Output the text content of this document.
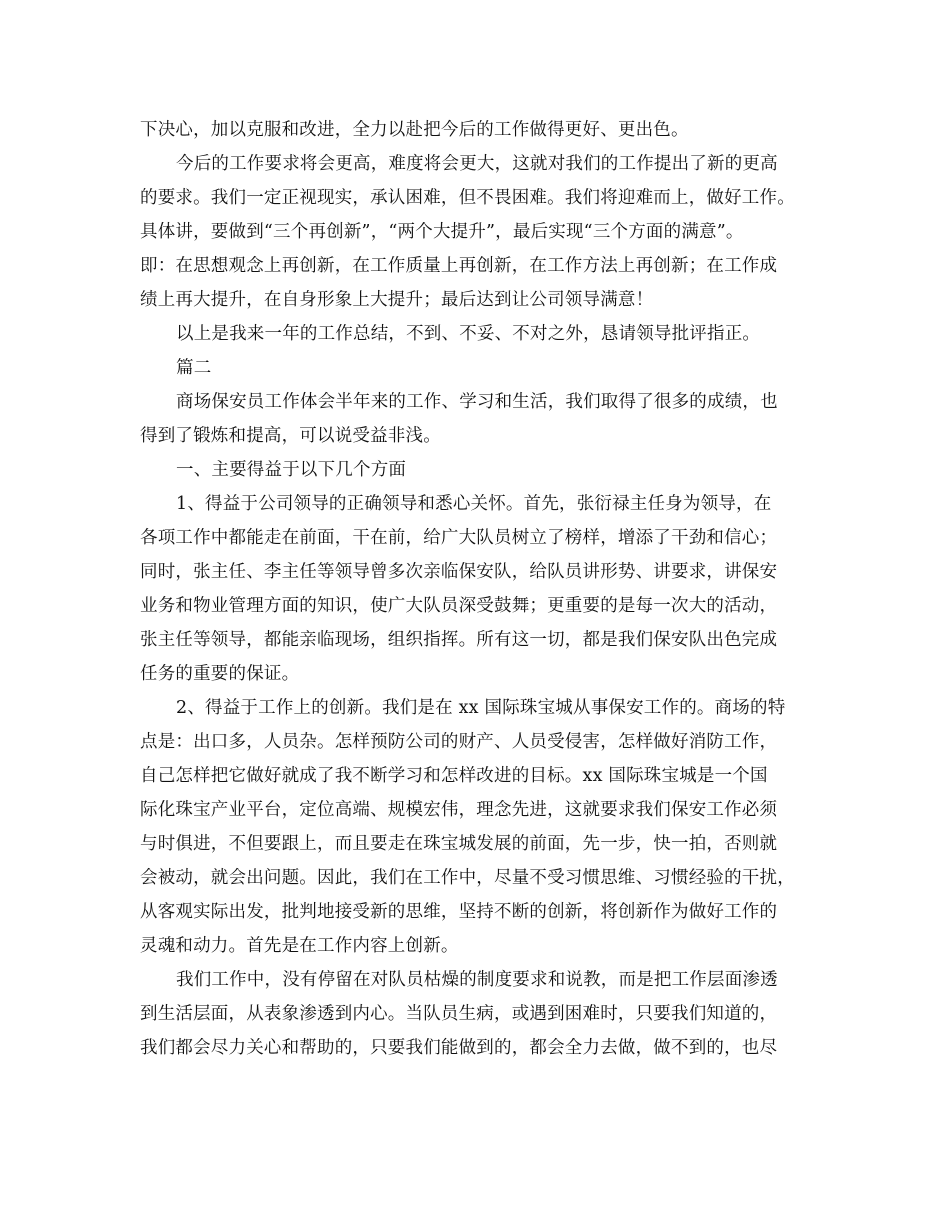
下决心，加以克服和改进，全力以赴把今后的工作做得更好、更出色。
今后的工作要求将会更高，难度将会更大，这就对我们的工作提出了新的更高
的要求。我们一定正视现实，承认困难，但不畏困难。我们将迎难而上，做好工作。
具体讲，要做到“三个再创新”，“两个大提升”，最后实现“三个方面的满意”。
即：在思想观念上再创新，在工作质量上再创新，在工作方法上再创新；在工作成
绩上再大提升，在自身形象上大提升；最后达到让公司领导满意！
以上是我来一年的工作总结，不到、不妥、不对之外，恳请领导批评指正。
篇二
商场保安员工作体会半年来的工作、学习和生活，我们取得了很多的成绩，也
得到了锻炼和提高，可以说受益非浅。
一、主要得益于以下几个方面
1、得益于公司领导的正确领导和悉心关怀。首先，张衍禄主任身为领导，在
各项工作中都能走在前面，干在前，给广大队员树立了榜样，增添了干劲和信心；
同时，张主任、李主任等领导曾多次亲临保安队，给队员讲形势、讲要求，讲保安
业务和物业管理方面的知识，使广大队员深受鼓舞；更重要的是每一次大的活动，
张主任等领导，都能亲临现场，组织指挥。所有这一切，都是我们保安队出色完成
任务的重要的保证。
2、得益于工作上的创新。我们是在 xx 国际珠宝城从事保安工作的。商场的特
点是：出口多，人员杂。怎样预防公司的财产、人员受侵害，怎样做好消防工作，
自己怎样把它做好就成了我不断学习和怎样改进的目标。xx 国际珠宝城是一个国
际化珠宝产业平台，定位高端、规模宏伟，理念先进，这就要求我们保安工作必须
与时俱进，不但要跟上，而且要走在珠宝城发展的前面，先一步，快一拍，否则就
会被动，就会出问题。因此，我们在工作中，尽量不受习惯思维、习惯经验的干扰，
从客观实际出发，批判地接受新的思维，坚持不断的创新，将创新作为做好工作的
灵魂和动力。首先是在工作内容上创新。
我们工作中，没有停留在对队员枯燥的制度要求和说教，而是把工作层面渗透
到生活层面，从表象渗透到内心。当队员生病，或遇到困难时，只要我们知道的，
我们都会尽力关心和帮助的，只要我们能做到的，都会全力去做，做不到的，也尽
